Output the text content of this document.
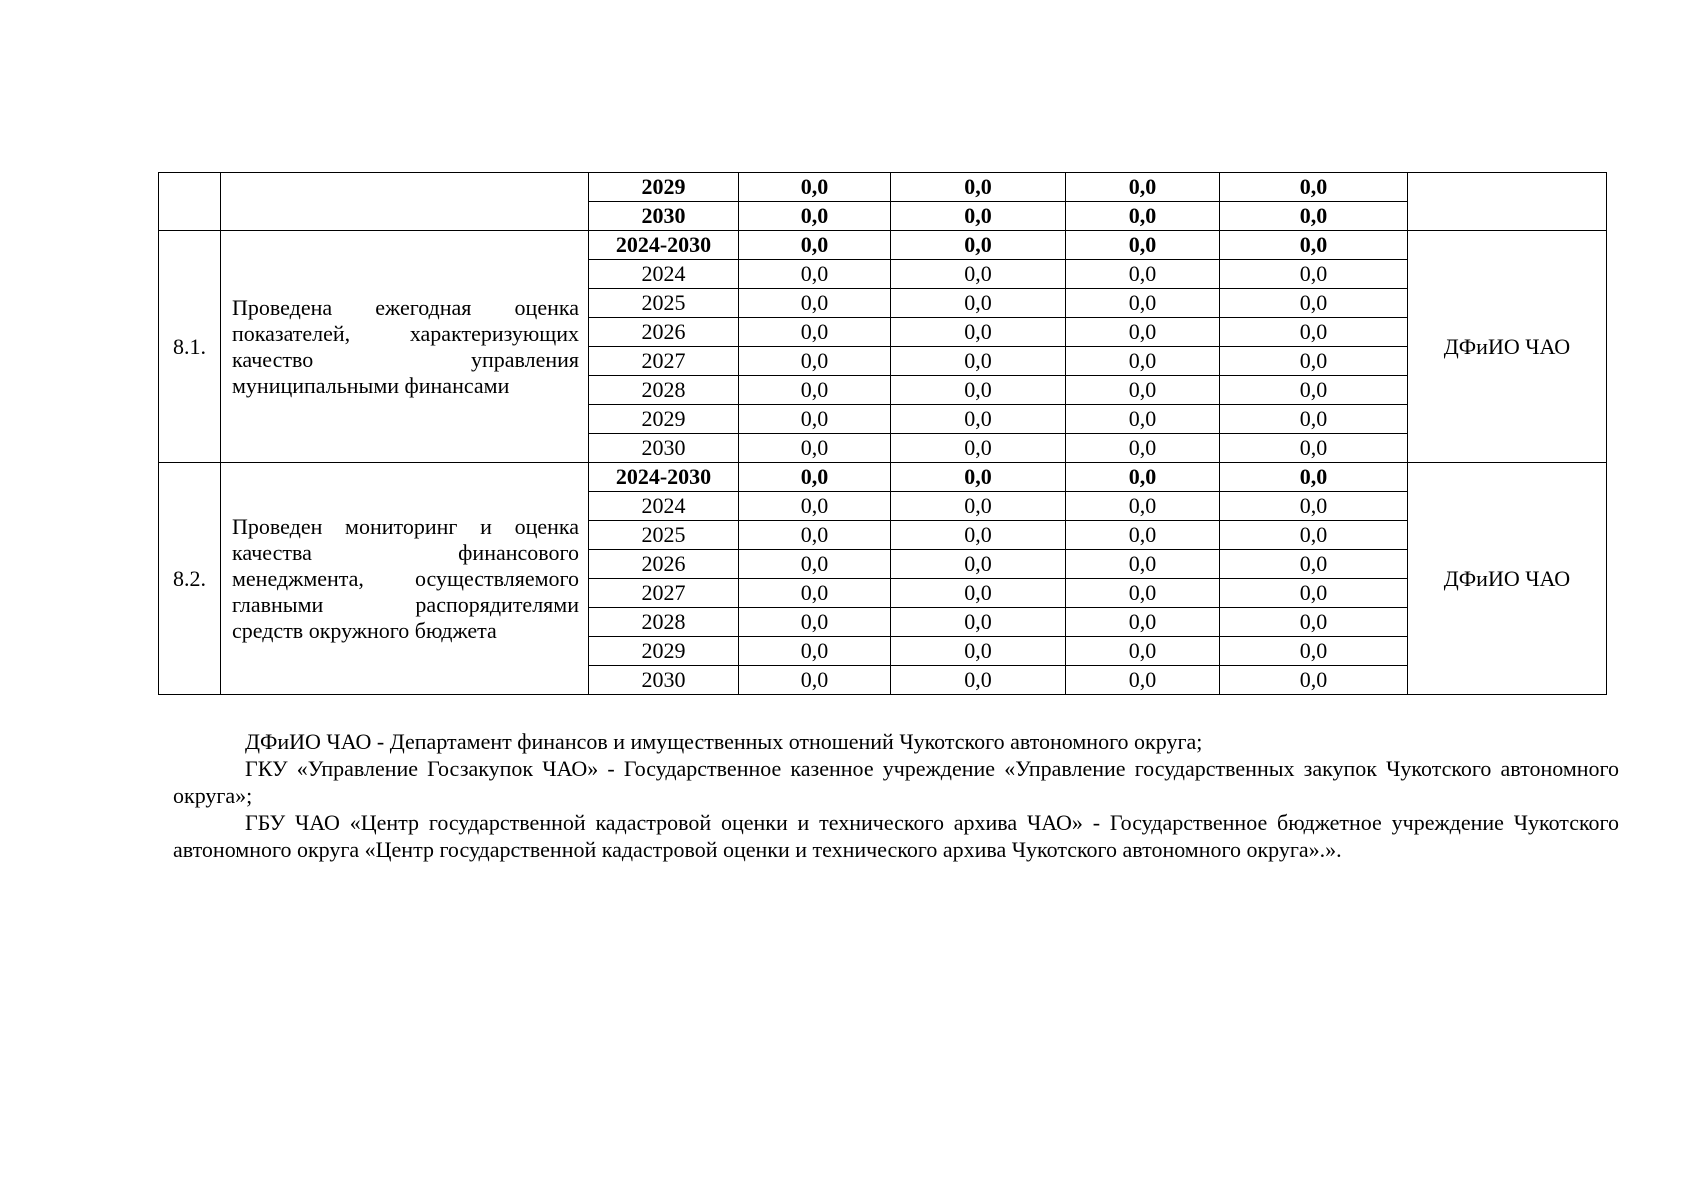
		2029	0,0	0,0	0,0	0,0	
		2030	0,0	0,0	0,0	0,0	
8.1.	Проведена ежегодная оценка
показателей, характеризующих
качество управления
муниципальными финансами	2024-2030	0,0	0,0	0,0	0,0	ДФиИО ЧАО
		2024	0,0	0,0	0,0	0,0	
		2025	0,0	0,0	0,0	0,0	
		2026	0,0	0,0	0,0	0,0	
		2027	0,0	0,0	0,0	0,0	
		2028	0,0	0,0	0,0	0,0	
		2029	0,0	0,0	0,0	0,0	
		2030	0,0	0,0	0,0	0,0	
8.2.	Проведен мониторинг и оценка
качества финансового
менеджмента, осуществляемого
главными распорядителями
средств окружного бюджета	2024-2030	0,0	0,0	0,0	0,0	ДФиИО ЧАО
		2024	0,0	0,0	0,0	0,0	
		2025	0,0	0,0	0,0	0,0	
		2026	0,0	0,0	0,0	0,0	
		2027	0,0	0,0	0,0	0,0	
		2028	0,0	0,0	0,0	0,0	
		2029	0,0	0,0	0,0	0,0	
		2030	0,0	0,0	0,0	0,0	

ДФиИО ЧАО - Департамент финансов и имущественных отношений Чукотского автономного округа;

ГКУ «Управление Госзакупок ЧАО» - Государственное казенное учреждение «Управление государственных закупок Чукотского автономного округа»;

ГБУ ЧАО «Центр государственной кадастровой оценки и технического архива ЧАО» - Государственное бюджетное учреждение Чукотского автономного округа «Центр государственной кадастровой оценки и технического архива Чукотского автономного округа».».
